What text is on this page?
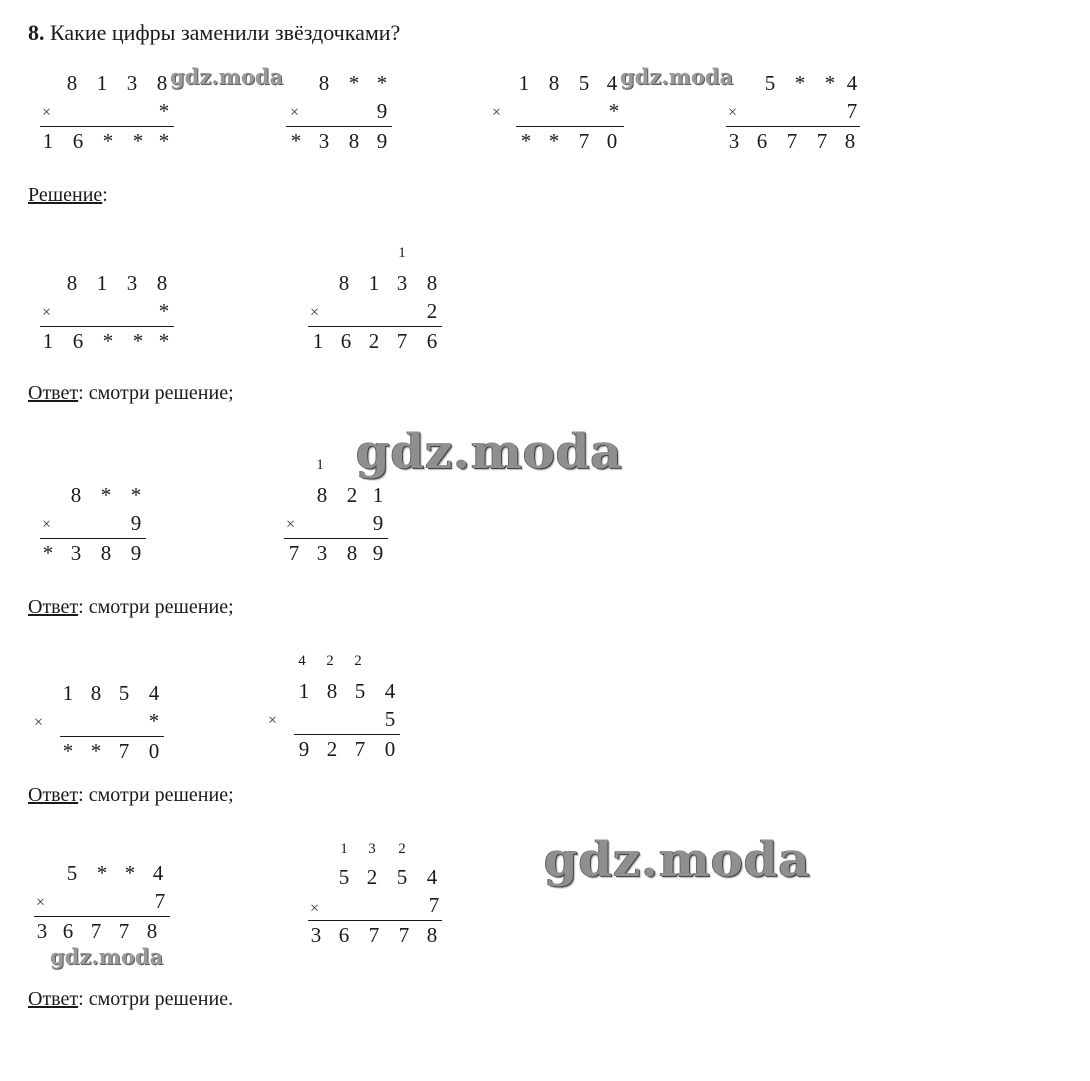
8. Какие цифры заменили звёздочками?
8 1 3 8
×	*
1 6 * * *
gdz.moda 8 * *
×	9
* 3 8 9
1 8 5 4
×	*
* * 7 0
gdz.moda 5 * * 4
×	7
3 6 7 7 8
Решение:
8 1 3 8
×	*
1 6 * * *
1
8 1 3 8
×	2
1 6 2 7 6
Ответ: смотри решение;
gdz.moda
8 * *
×	9
* 3 8 9
1
8 2 1
×	9
7 3 8 9
Ответ: смотри решение;
1 8 5 4
×	*
* * 7 0
4	2	2
1 8 5 4
×	5
9 2 7 0
Ответ: смотри решение;
5 * * 4
×	7
3 6 7 7 8
gdz.moda
1	3	2
5 2 5 4
×	7
3 6 7 7 8
gdz.moda
Ответ: смотри решение.
